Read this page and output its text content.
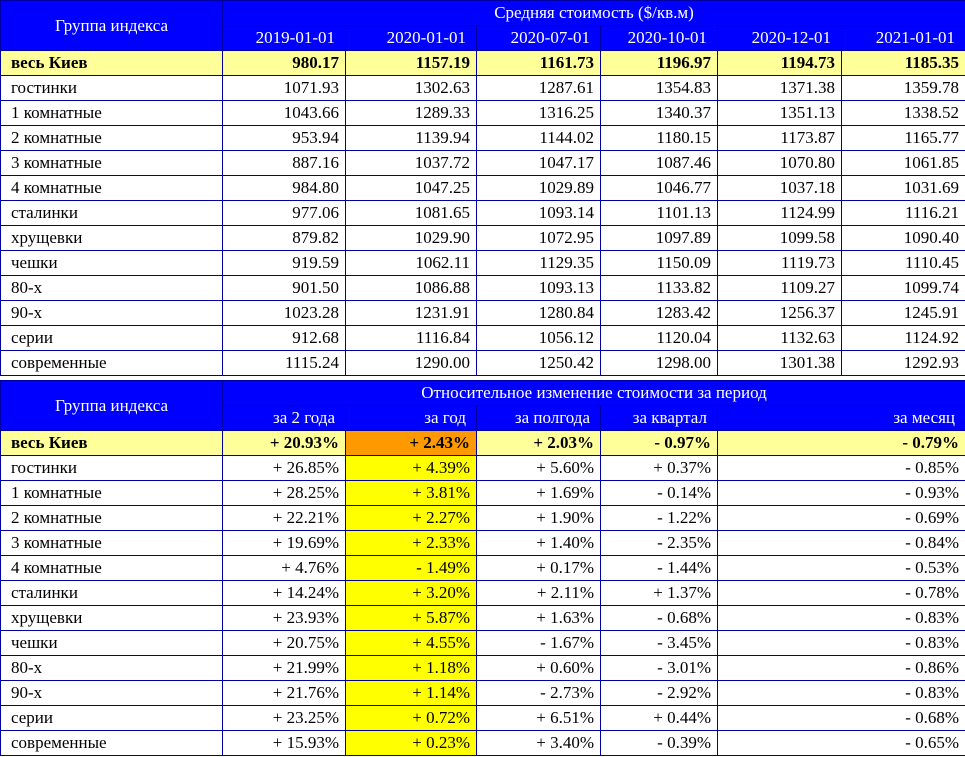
Группа индекса	Средняя стоимость ($/кв.м)					
	2019-01-01	2020-01-01	2020-07-01	2020-10-01	2020-12-01	2021-01-01
весь Киев	980.17	1157.19	1161.73	1196.97	1194.73	1185.35
гостинки	1071.93	1302.63	1287.61	1354.83	1371.38	1359.78
1 комнатные	1043.66	1289.33	1316.25	1340.37	1351.13	1338.52
2 комнатные	953.94	1139.94	1144.02	1180.15	1173.87	1165.77
3 комнатные	887.16	1037.72	1047.17	1087.46	1070.80	1061.85
4 комнатные	984.80	1047.25	1029.89	1046.77	1037.18	1031.69
сталинки	977.06	1081.65	1093.14	1101.13	1124.99	1116.21
хрущевки	879.82	1029.90	1072.95	1097.89	1099.58	1090.40
чешки	919.59	1062.11	1129.35	1150.09	1119.73	1110.45
80-х	901.50	1086.88	1093.13	1133.82	1109.27	1099.74
90-х	1023.28	1231.91	1280.84	1283.42	1256.37	1245.91
серии	912.68	1116.84	1056.12	1120.04	1132.63	1124.92
современные	1115.24	1290.00	1250.42	1298.00	1301.38	1292.93
Группа индекса	Относительное изменение стоимости за период				
	за 2 года	за год	за полгода	за квартал	за месяц
весь Киев	+ 20.93%	+ 2.43%	+ 2.03%	- 0.97%	- 0.79%
гостинки	+ 26.85%	+ 4.39%	+ 5.60%	+ 0.37%	- 0.85%
1 комнатные	+ 28.25%	+ 3.81%	+ 1.69%	- 0.14%	- 0.93%
2 комнатные	+ 22.21%	+ 2.27%	+ 1.90%	- 1.22%	- 0.69%
3 комнатные	+ 19.69%	+ 2.33%	+ 1.40%	- 2.35%	- 0.84%
4 комнатные	+ 4.76%	- 1.49%	+ 0.17%	- 1.44%	- 0.53%
сталинки	+ 14.24%	+ 3.20%	+ 2.11%	+ 1.37%	- 0.78%
хрущевки	+ 23.93%	+ 5.87%	+ 1.63%	- 0.68%	- 0.83%
чешки	+ 20.75%	+ 4.55%	- 1.67%	- 3.45%	- 0.83%
80-х	+ 21.99%	+ 1.18%	+ 0.60%	- 3.01%	- 0.86%
90-х	+ 21.76%	+ 1.14%	- 2.73%	- 2.92%	- 0.83%
серии	+ 23.25%	+ 0.72%	+ 6.51%	+ 0.44%	- 0.68%
современные	+ 15.93%	+ 0.23%	+ 3.40%	- 0.39%	- 0.65%
